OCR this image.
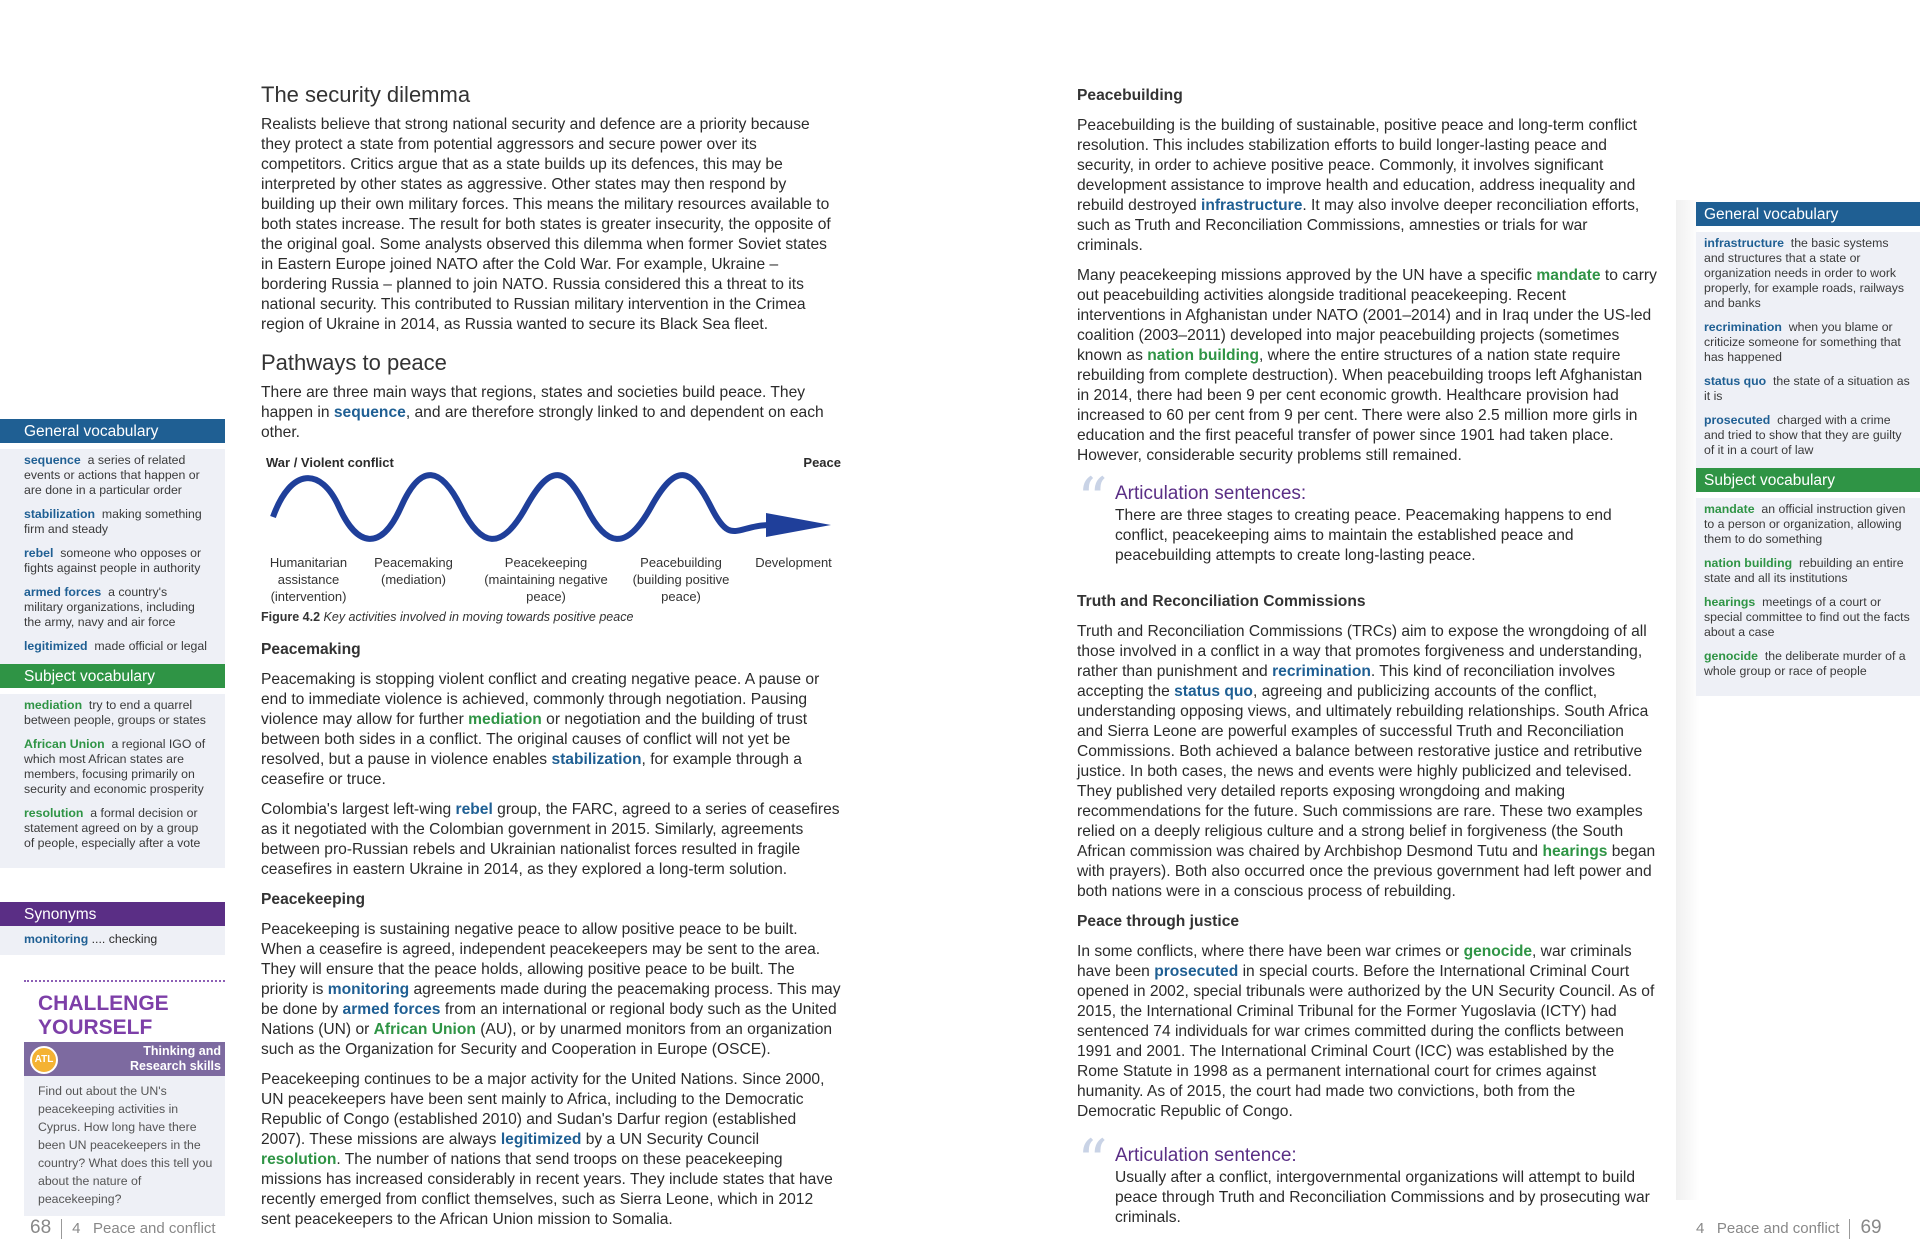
General vocabulary
sequence a series of related events or actions that happen or are done in a particular order
stabilization making something firm and steady
rebel someone who opposes or fights against people in authority
armed forces a country's military organizations, including the army, navy and air force
legitimized made official or legal
Subject vocabulary
mediation try to end a quarrel between people, groups or states
African Union a regional IGO of which most African states are members, focusing primarily on security and economic prosperity
resolution a formal decision or statement agreed on by a group of people, especially after a vote
Synonyms
monitoring .... checking
CHALLENGE
YOURSELF
ATL
Thinking and Research skills
Find out about the UN's peacekeeping activities in Cyprus. How long have there been UN peacekeepers in the country? What does this tell you about the nature of peacekeeping?
The security dilemma

Realists believe that strong national security and defence are a priority because they protect a state from potential aggressors and secure power over its competitors. Critics argue that as a state builds up its defences, this may be interpreted by other states as aggressive. Other states may then respond by building up their own military forces. This means the military resources available to both states increase. The result for both states is greater insecurity, the opposite of the original goal. Some analysts observed this dilemma when former Soviet states in Eastern Europe joined NATO after the Cold War. For example, Ukraine – bordering Russia – planned to join NATO. Russia considered this a threat to its national security. This contributed to Russian military intervention in the Crimea region of Ukraine in 2014, as Russia wanted to secure its Black Sea fleet.

Pathways to peace

There are three main ways that regions, states and societies build peace. They happen in sequence, and are therefore strongly linked to and dependent on each other.

War / Violent conflict	Peace
Humanitarian assistance (intervention)
Peacemaking (mediation)
Peacekeeping (maintaining negative peace)
Peacebuilding (building positive peace)
Development
Figure 4.2 Key activities involved in moving towards positive peace
Peacemaking

Peacemaking is stopping violent conflict and creating negative peace. A pause or end to immediate violence is achieved, commonly through negotiation. Pausing violence may allow for further mediation or negotiation and the building of trust between both sides in a conflict. The original causes of conflict will not yet be resolved, but a pause in violence enables stabilization, for example through a ceasefire or truce.

Colombia's largest left-wing rebel group, the FARC, agreed to a series of ceasefires as it negotiated with the Colombian government in 2015. Similarly, agreements between pro-Russian rebels and Ukrainian nationalist forces resulted in fragile ceasefires in eastern Ukraine in 2014, as they explored a long-term solution.

Peacekeeping

Peacekeeping is sustaining negative peace to allow positive peace to be built. When a ceasefire is agreed, independent peacekeepers may be sent to the area. They will ensure that the peace holds, allowing positive peace to be built. The priority is monitoring agreements made during the peacemaking process. This may be done by armed forces from an international or regional body such as the United Nations (UN) or African Union (AU), or by unarmed monitors from an organization such as the Organization for Security and Cooperation in Europe (OSCE).

Peacekeeping continues to be a major activity for the United Nations. Since 2000, UN peacekeepers have been sent mainly to Africa, including to the Democratic Republic of Congo (established 2010) and Sudan's Darfur region (established 2007). These missions are always legitimized by a UN Security Council resolution. The number of nations that send troops on these peacekeeping missions has increased considerably in recent years. They include states that have recently emerged from conflict themselves, such as Sierra Leone, which in 2012 sent peacekeepers to the African Union mission to Somalia.

Peacebuilding

Peacebuilding is the building of sustainable, positive peace and long-term conflict resolution. This includes stabilization efforts to build longer-lasting peace and security, in order to achieve positive peace. Commonly, it involves significant development assistance to improve health and education, address inequality and rebuild destroyed infrastructure. It may also involve deeper reconciliation efforts, such as Truth and Reconciliation Commissions, amnesties or trials for war criminals.

Many peacekeeping missions approved by the UN have a specific mandate to carry out peacebuilding activities alongside traditional peacekeeping. Recent interventions in Afghanistan under NATO (2001–2014) and in Iraq under the US-led coalition (2003–2011) developed into major peacebuilding projects (sometimes known as nation building, where the entire structures of a nation state require rebuilding from complete destruction). When peacebuilding troops left Afghanistan in 2014, there had been 9 per cent economic growth. Healthcare provision had increased to 60 per cent from 9 per cent. There were also 2.5 million more girls in education and the first peaceful transfer of power since 1901 had taken place. However, considerable security problems still remained.

“ Articulation sentences:
There are three stages to creating peace. Peacemaking happens to end conflict, peacekeeping aims to maintain the established peace and peacebuilding attempts to create long-lasting peace.
Truth and Reconciliation Commissions

Truth and Reconciliation Commissions (TRCs) aim to expose the wrongdoing of all those involved in a conflict in a way that promotes forgiveness and understanding, rather than punishment and recrimination. This kind of reconciliation involves accepting the status quo, agreeing and publicizing accounts of the conflict, understanding opposing views, and ultimately rebuilding relationships. South Africa and Sierra Leone are powerful examples of successful Truth and Reconciliation Commissions. Both achieved a balance between restorative justice and retributive justice. In both cases, the news and events were highly publicized and televised. They published very detailed reports exposing wrongdoing and making recommendations for the future. Such commissions are rare. These two examples relied on a deeply religious culture and a strong belief in forgiveness (the South African commission was chaired by Archbishop Desmond Tutu and hearings began with prayers). Both also occurred once the previous government had left power and both nations were in a conscious process of rebuilding.

Peace through justice

In some conflicts, where there have been war crimes or genocide, war criminals have been prosecuted in special courts. Before the International Criminal Court opened in 2002, special tribunals were authorized by the UN Security Council. As of 2015, the International Criminal Tribunal for the Former Yugoslavia (ICTY) had sentenced 74 individuals for war crimes committed during the conflicts between 1991 and 2001. The International Criminal Court (ICC) was established by the Rome Statute in 1998 as a permanent international court for crimes against humanity. As of 2015, the court had made two convictions, both from the Democratic Republic of Congo.

“ Articulation sentence:
Usually after a conflict, intergovernmental organizations will attempt to build peace through Truth and Reconciliation Commissions and by prosecuting war criminals.
General vocabulary
infrastructure the basic systems and structures that a state or organization needs in order to work properly, for example roads, railways and banks
recrimination when you blame or criticize someone for something that has happened
status quo the state of a situation as it is
prosecuted charged with a crime and tried to show that they are guilty of it in a court of law
Subject vocabulary
mandate an official instruction given to a person or organization, allowing them to do something
nation building rebuilding an entire state and all its institutions
hearings meetings of a court or special committee to find out the facts about a case
genocide the deliberate murder of a whole group or race of people
68 4 Peace and conflict	4 Peace and conflict 69
